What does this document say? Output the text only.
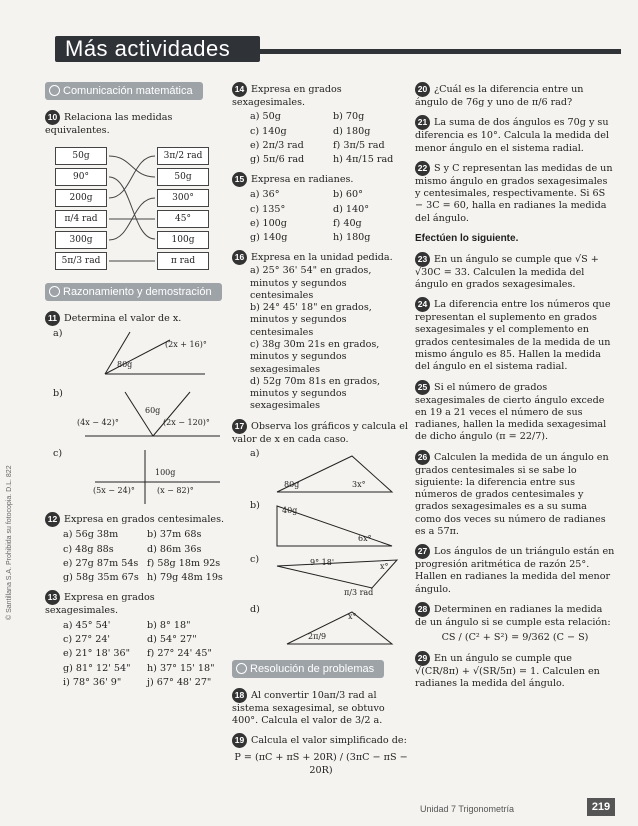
Más actividades
Comunicación matemática
10 Relaciona las medidas equivalentes.
50g
90°
200g
π/4 rad
300g
5π/3 rad
3π/2 rad
50g
300°
45°
100g
π rad
Razonamiento y demostración
11 Determina el valor de x.
a)
(2x + 16)°
80g
b)
(4x − 42)°	(2x − 120)°
60g
c)
100g
(5x − 24)°	(x − 82)°
12 Expresa en grados centesimales.
a) 56g 38m	b) 37m 68s
c) 48g 88s	d) 86m 36s
e) 27g 87m 54s f) 58g 18m 92s
g) 58g 35m 67s h) 79g 48m 19s
13 Expresa en grados sexagesimales.
a) 45° 54'	b) 8° 18"
c) 27° 24'	d) 54° 27"
e) 21° 18' 36"	f) 27° 24' 45"
g) 81° 12' 54"	h) 37° 15' 18"
i) 78° 36' 9"	j) 67° 48' 27"
14 Expresa en grados sexagesimales.
a) 50g	b) 70g
c) 140g	d) 180g
e) 2π/3 rad	f) 3π/5 rad
g) 5π/6 rad	h) 4π/15 rad
15 Expresa en radianes.
a) 36°	b) 60°
c) 135°	d) 140°
e) 100g	f) 40g
g) 140g	h) 180g
16 Expresa en la unidad pedida.
a) 25° 36' 54" en grados, minutos y segundos centesimales
b) 24° 45' 18" en grados, minutos y segundos centesimales
c) 38g 30m 21s en grados, minutos y segundos sexagesimales
d) 52g 70m 81s en grados, minutos y segundos sexagesimales
17 Observa los gráficos y calcula el valor de x en cada caso.
a)
80g	3x°
b)	40g
6x°
c)	9° 18'	x°
π/3 rad
d)
x°
2π/9
Resolución de problemas
18 Al convertir 10aπ/3 rad al sistema sexagesimal, se obtuvo 400°. Calcula el valor de 3/2 a.
19 Calcula el valor simplificado de:
P = (πC + πS + 20R) / (3πC − πS − 20R)
20 ¿Cuál es la diferencia entre un ángulo de 76g y uno de π/6 rad?
21 La suma de dos ángulos es 70g y su diferencia es 10°. Calcula la medida del menor ángulo en el sistema radial.
22 S y C representan las medidas de un mismo ángulo en grados sexagesimales y centesimales, respectivamente. Si 6S − 3C = 60, halla en radianes la medida del ángulo.
Efectúen lo siguiente.
23 En un ángulo se cumple que √S + √30C = 33. Calculen la medida del ángulo en grados sexagesimales.
24 La diferencia entre los números que representan el suplemento en grados sexagesimales y el complemento en grados centesimales de la medida de un mismo ángulo es 85. Hallen la medida del ángulo en el sistema radial.
25 Si el número de grados sexagesimales de cierto ángulo excede en 19 a 21 veces el número de sus radianes, hallen la medida sexagesimal de dicho ángulo (π = 22/7).
26 Calculen la medida de un ángulo en grados centesimales si se sabe lo siguiente: la diferencia entre sus números de grados centesimales y grados sexagesimales es a su suma como dos veces su número de radianes es a 57π.
27 Los ángulos de un triángulo están en progresión aritmética de razón 25°. Hallen en radianes la medida del menor ángulo.
28 Determinen en radianes la medida de un ángulo si se cumple esta relación:
CS / (C² + S²) = 9/362 (C − S)
29 En un ángulo se cumple que √(CR/8π) + √(SR/5π) = 1. Calculen en radianes la medida del ángulo.
Unidad 7 Trigonometría	219
© Santillana S.A. Prohibida su fotocopia. D.L. 822
